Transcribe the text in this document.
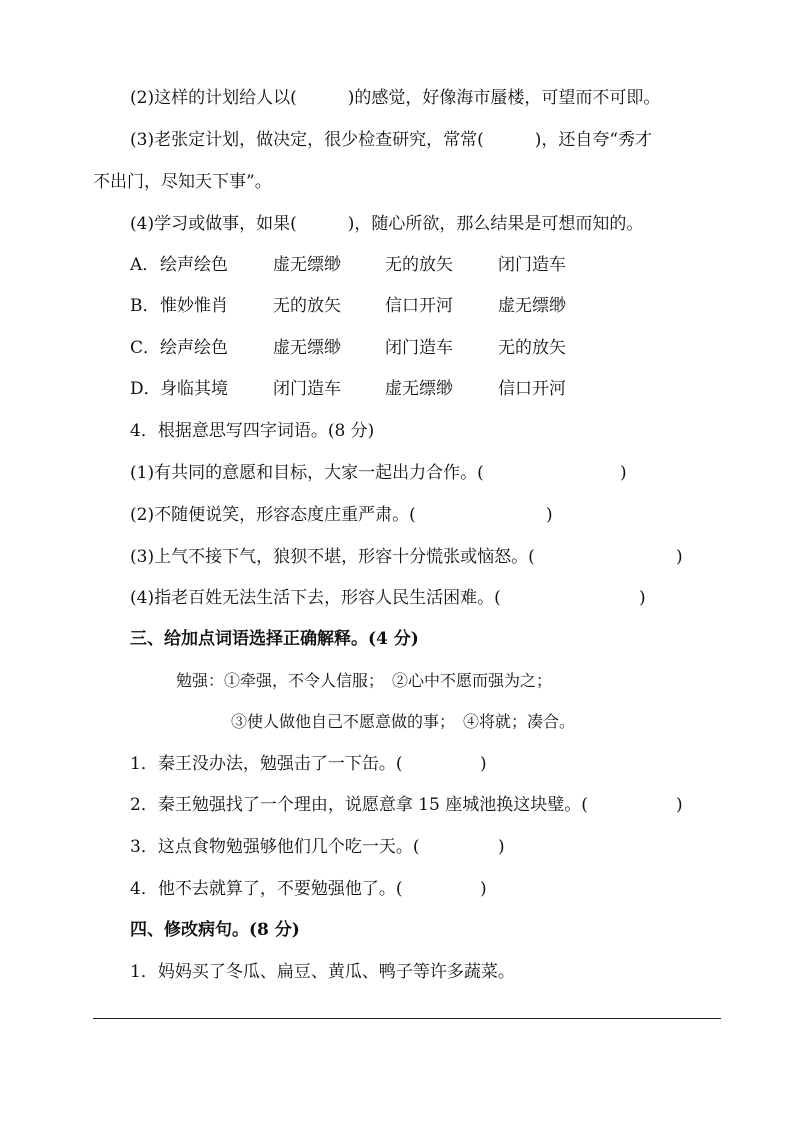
(2)这样的计划给人以(　　　)的感觉，好像海市蜃楼，可望而不可即。
(3)老张定计划，做决定，很少检查研究，常常(　　　)，还自夸“秀才
不出门，尽知天下事”。
(4)学习或做事，如果(　　　)，随心所欲，那么结果是可想而知的。
A． 绘声绘色	虚无缥缈	无的放矢	闭门造车
B． 惟妙惟肖	无的放矢	信口开河	虚无缥缈
C． 绘声绘色	虚无缥缈	闭门造车	无的放矢
D． 身临其境	闭门造车	虚无缥缈	信口开河
4．根据意思写四字词语。(8 分)
(1)有共同的意愿和目标，大家一起出力合作。(	)
(2)不随便说笑，形容态度庄重严肃。(	)
(3)上气不接下气，狼狈不堪，形容十分慌张或恼怒。(	)
(4)指老百姓无法生活下去，形容人民生活困难。(	)
三、给加点词语选择正确解释。(4 分)
勉强：①牵强，不令人信服；　②心中不愿而强为之；
③使人做他自己不愿意做的事；　④将就；凑合。
1．秦王没办法，勉强击了一下缶。(	)
2．秦王勉强找了一个理由，说愿意拿 15 座城池换这块璧。(	)
3．这点食物勉强够他们几个吃一天。(	)
4．他不去就算了，不要勉强他了。(	)
四、修改病句。(8 分)
1．妈妈买了冬瓜、扁豆、黄瓜、鸭子等许多蔬菜。
